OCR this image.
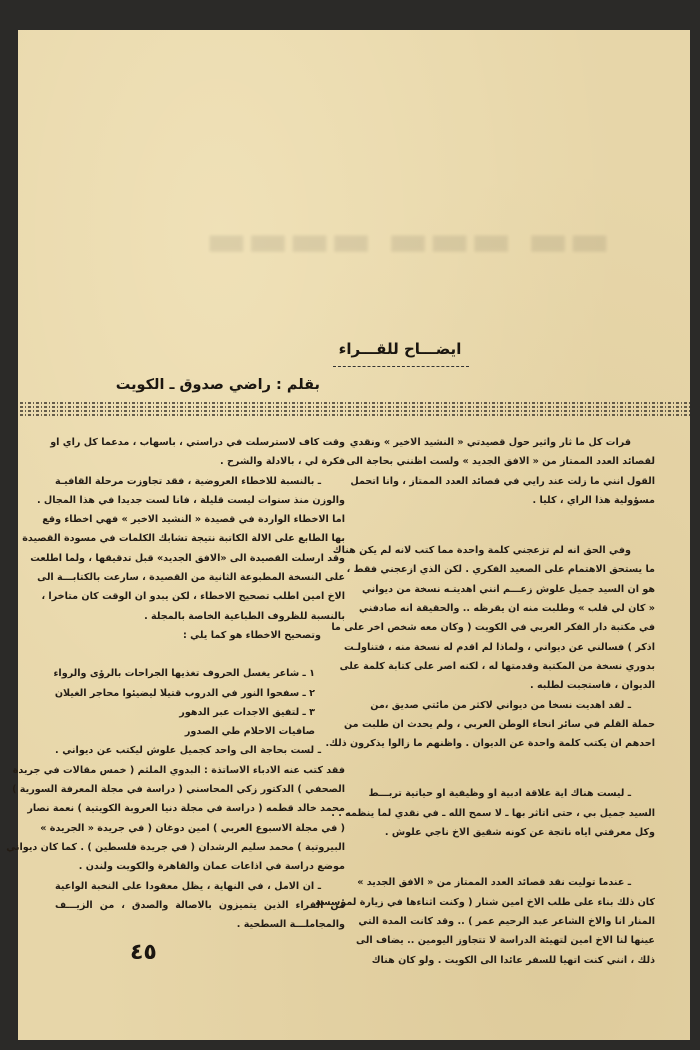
▬▬ ▬▬▬ ▬▬▬▬
ايضـــاح للقـــراء
بقلم : راضي صدوق ـ الكويت
قرات كل ما ثار واثير حول قصيدتي « النشيد الاخير » ونقدي
لقصائد العدد الممتاز من « الافق الجديد » ولست اظنني بحاجة الى
القول انني ما زلت عند رايي في قصائد العدد الممتاز ، وانا اتحمل
مسؤولية هذا الراي ، كليا .
وفي الحق انه لم تزعجني كلمة واحدة مما كتب لانه لم يكن هناك
ما يستحق الاهتمام على الصعيد الفكري . لكن الذي ازعجني فقط ،
هو ان السيد جميل علوش زعـــم انني اهديتـه نسخة من ديواني
« كان لي قلب » وطلبت منه ان يقرظه .. والحقيقة انه صادفني
في مكتبة دار الفكر العربي في الكويت ( وكان معه شخص اخر على ما
اذكر ) فسالني عن ديواني ، ولماذا لم اقدم له نسخة منه ، فتناولـت
بدوري نسخة من المكتبة وقدمتها له ، لكنه اصر على كتابة كلمة على
الديوان ، فاستجبت لطلبه .
ـ لقد اهديت نسخا من ديواني لاكثر من مائتي صديق ،من
حملة القلم في سائر انحاء الوطن العربي ، ولم يحدث ان طلبت من
احدهم ان يكتب كلمة واحدة عن الديوان . واظنهم ما زالوا يذكرون ذلك.
ـ ليست هناك اية علاقة ادبية او وظيفية او حياتية تربـــط
السيد جميل بي ، حتى اتاثر بها ـ لا سمح الله ـ في نقدي لما ينظمه . .
وكل معرفتي اياه ناتجة عن كونه شقيق الاخ ناجي علوش .
ـ عندما توليت نقد قصائد العدد الممتاز من « الافق الجديد »
كان ذلك بناء على طلب الاخ امين شنار ( وكنت اثناءها في زيارة لمؤسسة
المنار انا والاخ الشاعر عبد الرحيم عمر ) .. وقد كانت المدة التي
عينها لنا الاخ امين لتهيئة الدراسة لا تتجاوز اليومين .. يضاف الى
ذلك ، انني كنت اتهيا للسفر عائدا الى الكويت . ولو كان هناك
وقت كاف لاسترسلت في دراستي ، باسهاب ، مدعما كل راي او
فكرة لي ، بالادلة والشرح .
ـ بالنسبة للاخطاء العروضية ، فقد تجاوزت مرحلة القافيـة
والوزن منذ سنوات ليست قليلة ، فانا لست جديدا في هذا المجال .
اما الاخطاء الواردة في قصيدة « النشيد الاخير » فهي اخطاء وقع
بها الطابع على الالة الكاتبة نتيجة تشابك الكلمات في مسودة القصيدة
وقد ارسلت القصيدة الى «الافق الجديد» قبل تدقيقها ، ولما اطلعت
على النسخة المطبوعة الثانية من القصيدة ، سارعت بالكتابـــة الى
الاخ امين اطلب تصحيح الاخطاء ، لكن يبدو ان الوقت كان متاخرا ،
بالنسبة للظروف الطباعية الخاصة بالمجلة .
وتصحيح الاخطاء هو كما يلي :
١ ـ شاعر يغسل الحروف تغذيها الجراحات بالرؤى والرواء
٢ ـ سفحوا النور في الدروب قتيلا ليضيئوا محاجر الغيلان
٣ ـ لتفيق الاجدات عبر الدهور
صافيات الاحلام طي الصدور
ـ لست بحاجة الى واحد كجميل علوش ليكتب عن ديواني .
فقد كتب عنه الادباء الاساتذة : البدوي الملثم ( خمس مقالات في جريدة
الصحفي ) الدكتور زكي المحاسني ( دراسة في مجلة المعرفة السورية )
محمد خالد قطمه ( دراسة في مجلة دنيا العروبة الكويتية ) نعمة نصار
( في مجلة الاسبوع العربي ) امين دوغان ( في جريدة « الجريدة »
البيروتية ) محمد سليم الرشدان ( في جريدة فلسطين ) . كما كان ديواني
موضع دراسة في اذاعات عمان والقاهرة والكويت ولندن .
ـ ان الامل ، في النهاية ، يظل معقودا على النخبة الواعية
من القراء الذين يتميزون بالاصالة والصدق ، من الزيـــف
والمجاملـــة السطحية .
٤٥
